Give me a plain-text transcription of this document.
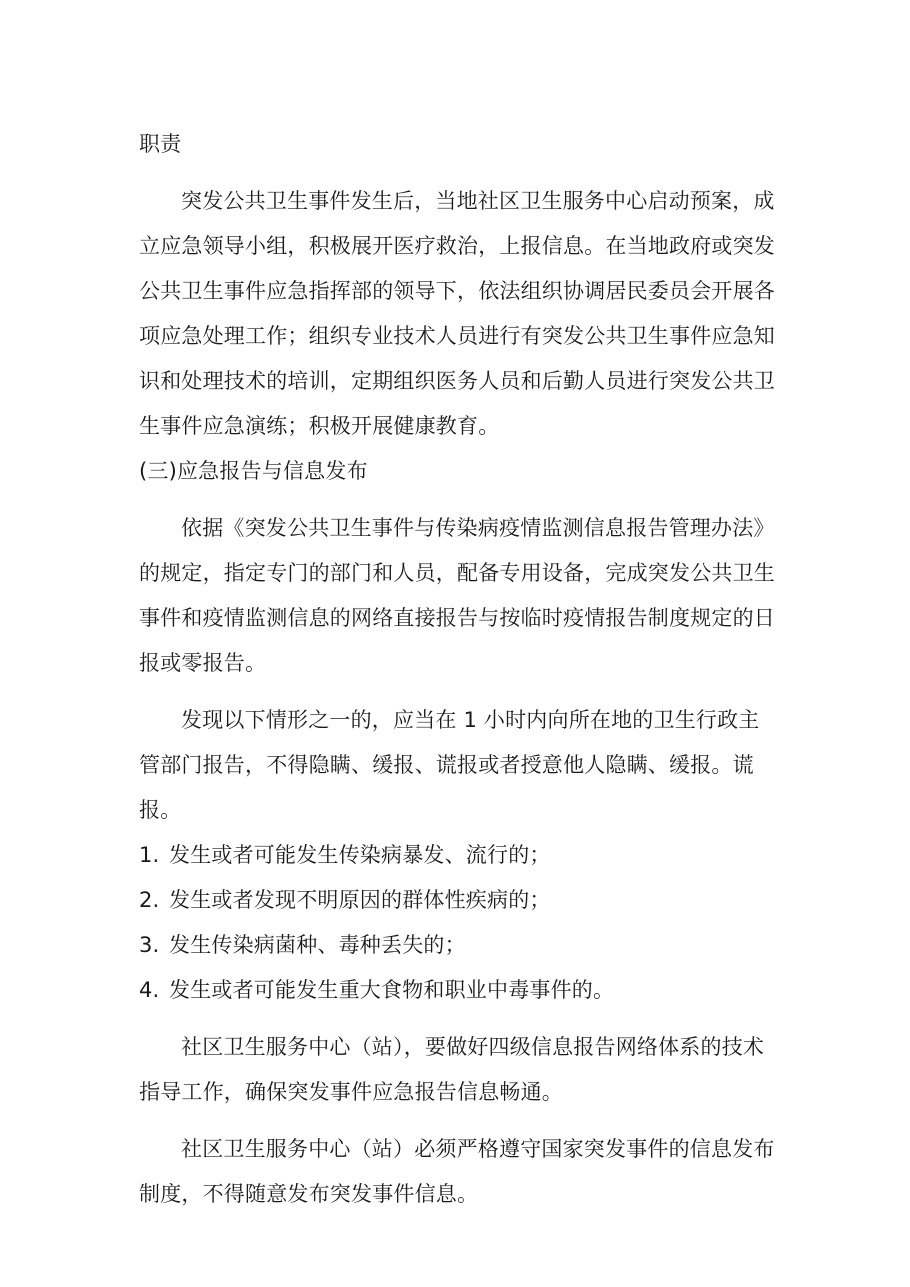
职责

突发公共卫生事件发生后，当地社区卫生服务中心启动预案，成立应急领导小组，积极展开医疗救治，上报信息。在当地政府或突发公共卫生事件应急指挥部的领导下，依法组织协调居民委员会开展各项应急处理工作；组织专业技术人员进行有突发公共卫生事件应急知识和处理技术的培训，定期组织医务人员和后勤人员进行突发公共卫生事件应急演练；积极开展健康教育。

(三)应急报告与信息发布

依据《突发公共卫生事件与传染病疫情监测信息报告管理办法》的规定，指定专门的部门和人员，配备专用设备，完成突发公共卫生事件和疫情监测信息的网络直接报告与按临时疫情报告制度规定的日报或零报告。

发现以下情形之一的，应当在 1 小时内向所在地的卫生行政主管部门报告，不得隐瞒、缓报、谎报或者授意他人隐瞒、缓报。谎报。

1. 发生或者可能发生传染病暴发、流行的；
2. 发生或者发现不明原因的群体性疾病的；
3. 发生传染病菌种、毒种丢失的；
4. 发生或者可能发生重大食物和职业中毒事件的。

社区卫生服务中心（站），要做好四级信息报告网络体系的技术指导工作，确保突发事件应急报告信息畅通。

社区卫生服务中心（站）必须严格遵守国家突发事件的信息发布制度，不得随意发布突发事件信息。
